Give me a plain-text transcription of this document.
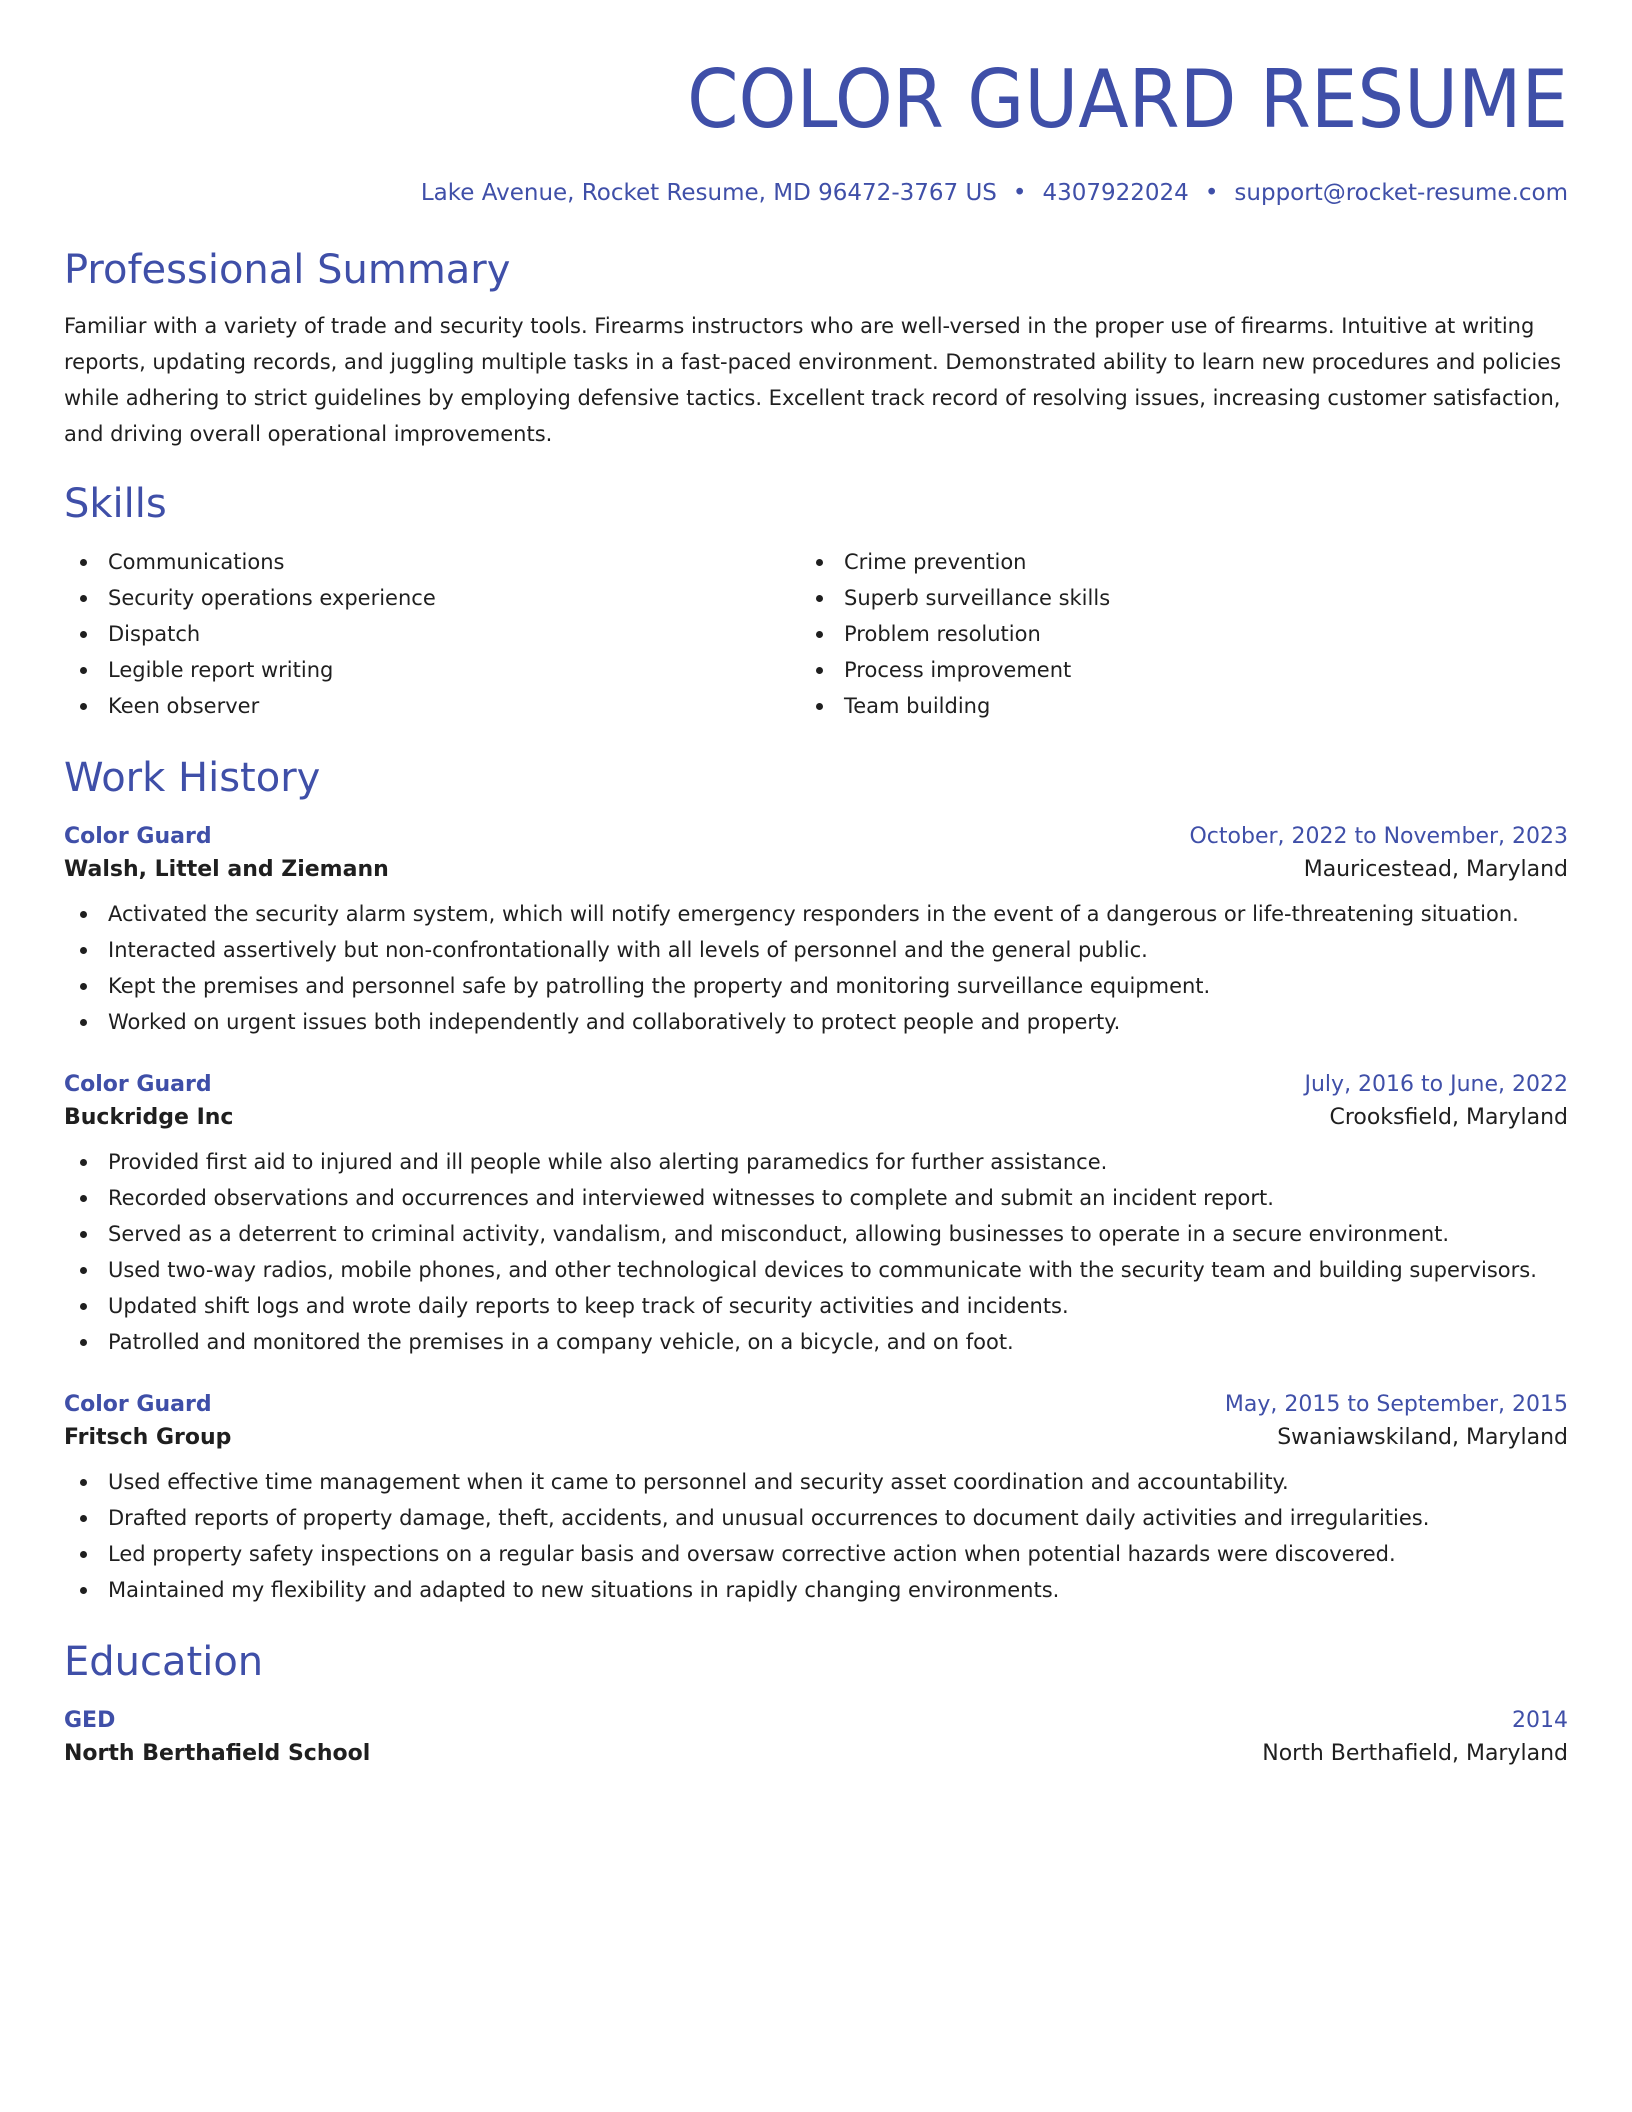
COLOR GUARD RESUME
Lake Avenue, Rocket Resume, MD 96472-3767 US • 4307922024 • support@rocket-resume.com
Professional Summary

Familiar with a variety of trade and security tools. Firearms instructors who are well-versed in the proper use of firearms. Intuitive at writing reports, updating records, and juggling multiple tasks in a fast-paced environment. Demonstrated ability to learn new procedures and policies while adhering to strict guidelines by employing defensive tactics. Excellent track record of resolving issues, increasing customer satisfaction, and driving overall operational improvements.

Skills
Communications
Security operations experience
Dispatch
Legible report writing
Keen observer
Crime prevention
Superb surveillance skills
Problem resolution
Process improvement
Team building
Work History
Color Guard	October, 2022 to November, 2023
Walsh, Littel and Ziemann	Mauricestead, Maryland
Activated the security alarm system, which will notify emergency responders in the event of a dangerous or life-threatening situation.
Interacted assertively but non-confrontationally with all levels of personnel and the general public.
Kept the premises and personnel safe by patrolling the property and monitoring surveillance equipment.
Worked on urgent issues both independently and collaboratively to protect people and property.
Color Guard	July, 2016 to June, 2022
Buckridge Inc	Crooksfield, Maryland
Provided first aid to injured and ill people while also alerting paramedics for further assistance.
Recorded observations and occurrences and interviewed witnesses to complete and submit an incident report.
Served as a deterrent to criminal activity, vandalism, and misconduct, allowing businesses to operate in a secure environment.
Used two-way radios, mobile phones, and other technological devices to communicate with the security team and building supervisors.
Updated shift logs and wrote daily reports to keep track of security activities and incidents.
Patrolled and monitored the premises in a company vehicle, on a bicycle, and on foot.
Color Guard	May, 2015 to September, 2015
Fritsch Group	Swaniawskiland, Maryland
Used effective time management when it came to personnel and security asset coordination and accountability.
Drafted reports of property damage, theft, accidents, and unusual occurrences to document daily activities and irregularities.
Led property safety inspections on a regular basis and oversaw corrective action when potential hazards were discovered.
Maintained my flexibility and adapted to new situations in rapidly changing environments.
Education
GED	2014
North Berthafield School	North Berthafield, Maryland
